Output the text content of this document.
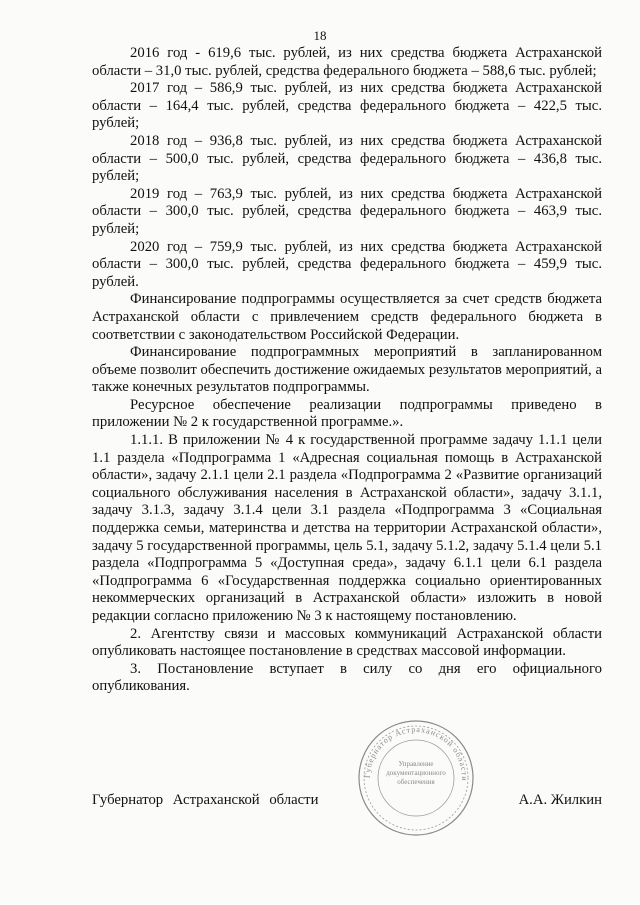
18

2016 год - 619,6 тыс. рублей, из них средства бюджета Астраханской области – 31,0 тыс. рублей, средства федерального бюджета – 588,6 тыс. рублей;

2017 год – 586,9 тыс. рублей, из них средства бюджета Астраханской области – 164,4 тыс. рублей, средства федерального бюджета – 422,5 тыс. рублей;

2018 год – 936,8 тыс. рублей, из них средства бюджета Астраханской области – 500,0 тыс. рублей, средства федерального бюджета – 436,8 тыс. рублей;

2019 год – 763,9 тыс. рублей, из них средства бюджета Астраханской области – 300,0 тыс. рублей, средства федерального бюджета – 463,9 тыс. рублей;

2020 год – 759,9 тыс. рублей, из них средства бюджета Астраханской области – 300,0 тыс. рублей, средства федерального бюджета – 459,9 тыс. рублей.

Финансирование подпрограммы осуществляется за счет средств бюджета Астраханской области с привлечением средств федерального бюджета в соответствии с законодательством Российской Федерации.

Финансирование подпрограммных мероприятий в запланированном объеме позволит обеспечить достижение ожидаемых результатов мероприятий, а также конечных результатов подпрограммы.

Ресурсное обеспечение реализации подпрограммы приведено в приложении № 2 к государственной программе.».

1.1.1. В приложении № 4 к государственной программе задачу 1.1.1 цели 1.1 раздела «Подпрограмма 1 «Адресная социальная помощь в Астраханской области», задачу 2.1.1 цели 2.1 раздела «Подпрограмма 2 «Развитие организаций социального обслуживания населения в Астраханской области», задачу 3.1.1, задачу 3.1.3, задачу 3.1.4 цели 3.1 раздела «Подпрограмма 3 «Социальная поддержка семьи, материнства и детства на территории Астраханской области», задачу 5 государственной программы, цель 5.1, задачу 5.1.2, задачу 5.1.4 цели 5.1 раздела «Подпрограмма 5 «Доступная среда», задачу 6.1.1 цели 6.1 раздела «Подпрограмма 6 «Государственная поддержка социально ориентированных некоммерческих организаций в Астраханской области» изложить в новой редакции согласно приложению № 3 к настоящему постановлению.

2. Агентству связи и массовых коммуникаций Астраханской области опубликовать настоящее постановление в средствах массовой информации.

3. Постановление вступает в силу со дня его официального опубликования.

Губернатор Астраханской области
Управление документационного обеспечения
Губернатор Астраханской области	А.А. Жилкин
